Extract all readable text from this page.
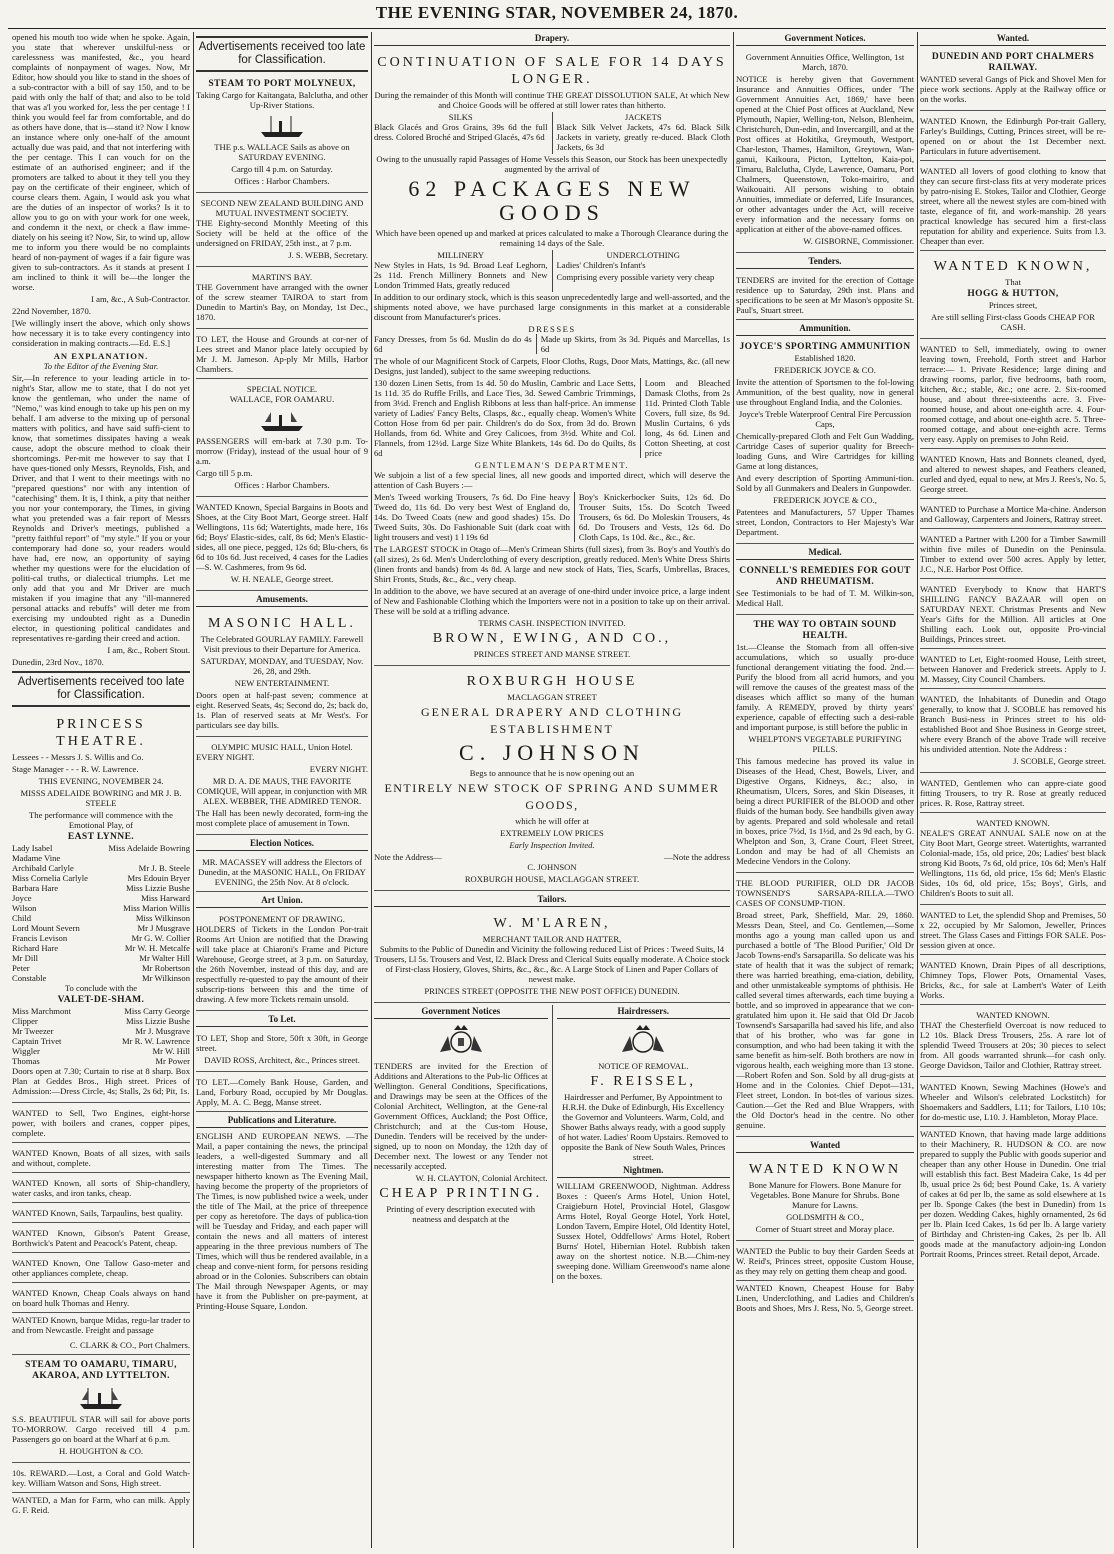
THE EVENING STAR, NOVEMBER 24, 1870.

opened his mouth too wide when he spoke. Again, you state that wherever unskilful-ness or carelessness was manifested, &c., you heard complaints of nonpayment of wages. Now, Mr Editor, how should you like to stand in the shoes of a sub-contractor with a bill of say 150, and to be paid with only the half of that; and also to be told that was a'l you worked for, less the per centage ! I think you would feel far from comfortable, and do as others have done, that is—stand it? Now I know an instance where only one-half of the amount actually due was paid, and that not interfering with the per centage. This I can vouch for on the estimate of an authorised engineer; and if the promoters are talked to about it they tell you they pay on the certificate of their engineer, which of course clears them. Again, I would ask you what are the duties of an inspector of works? Is it to allow you to go on with your work for one week, and condemn it the next, or check a flaw imme-diately on his seeing it? Now, Sir, to wind up, allow me to inform you there would be no complaints heard of non-payment of wages if a fair figure was given to sub-contractors. As it stands at present I am inclined to think it will be—the longer the worse.

I am, &c., A Sub-Contractor.

22nd November, 1870.

[We willingly insert the above, which only shows how necessary it is to take every contingency into consideration in making contracts.—Ed. E.S.]

AN EXPLANATION.

To the Editor of the Evening Star.

Sir,—In reference to your leading article in to-night's Star, allow me to state, that I do not yet know the gentleman, who under the name of "Nemo," was kind enough to take up his pen on my behalf. I am adverse to the mixing up of personal matters with politics, and have said suffi-cient to know, that sometimes dissipates having a weak cause, adopt the obscure method to cloak their shortcomings. Per-mit me however to say that I have ques-tioned only Messrs, Reynolds, Fish, and Driver, and that I went to their meetings with no "prepared questions" nor with any intention of "catechising" them. It is, I think, a pity that neither you nor your contemporary, the Times, in giving what you pretended was a fair report of Messrs Reynolds and Driver's meetings, published a "pretty faithful report" of "my style." If you or your contemporary had done so, your readers would have had, ere now, an opportunity of saying whether my questions were for the elucidation of politi-cal truths, or dialectical triumphs. Let me only add that you and Mr Driver are much mistaken if you imagine that any "ill-mannered personal attacks and rebuffs" will deter me from exercising my undoubted right as a Dunedin elector, in questioning political candidates and representatives re-garding their creed and action.

I am, &c., Robert Stout.

Dunedin, 23rd Nov., 1870.

Advertisements received too late for Classification.
PRINCESS THEATRE.

Lessees - - Messrs J. S. Willis and Co.

Stage Manager - - - R. W. Lawrence.

THIS EVENING, NOVEMBER 24.

MISSS ADELAIDE BOWRING and MR J. B. STEELE

The performance will commence with the Emotional Play, of

EAST LYNNE.
Lady Isabel	Miss Adelaide Bowring
Madame Vine
Archibald Carlyle	Mr J. B. Steele
Miss Cornelia Carlyle	Mrs Edouin Bryer
Barbara Hare	Miss Lizzie Bushe
Joyce	Miss Harward
Wilson	Miss Marion Willis
Child	Miss Wilkinson
Lord Mount Severn	Mr J Musgrave
Francis Levison	Mr G. W. Collier
Richard Hare	Mr W. H. Metcalfe
Mr Dill	Mr Walter Hill
Peter	Mr Robertson
Constable	Mr Wilkinson

To conclude with the

VALET-DE-SHAM.
Miss Marchmont	Miss Carry George
Clipper	Miss Lizzie Bushe
Mr Tweezer	Mr J. Musgrave
Captain Trivet	Mr R. W. Lawrence
Wiggler	Mr W. Hill
Thomas	Mr Power

Doors open at 7.30; Curtain to rise at 8 sharp. Box Plan at Geddes Bros., High street. Prices of Admission:—Dress Circle, 4s; Stalls, 2s 6d; Pit, 1s.

WANTED to Sell, Two Engines, eight-horse power, with boilers and cranes, copper pipes, complete.

WANTED Known, Boats of all sizes, with sails and without, complete.

WANTED Known, all sorts of Ship-chandlery, water casks, and iron tanks, cheap.

WANTED Known, Sails, Tarpaulins, best quality.

WANTED Known, Gibson's Patent Grease, Borthwick's Patent and Peacock's Patent, cheap.

WANTED Known, One Tallow Gaso-meter and other appliances complete, cheap.

WANTED Known, Cheap Coals always on hand on board hulk Thomas and Henry.

WANTED Known, barque Midas, regu-lar trader to and from Newcastle. Freight and passage

C. CLARK & CO., Port Chalmers.

STEAM TO OAMARU, TIMARU, AKAROA, AND LYTTELTON.

S.S. BEAUTIFUL STAR will sail for above ports TO-MORROW. Cargo received till 4 p.m. Passengers go on board at the Wharf at 6 p.m.

H. HOUGHTON & CO.

10s. REWARD.—Lost, a Coral and Gold Watch-key. William Watson and Sons, High street.

WANTED, a Man for Farm, who can milk. Apply G. F. Reid.

Advertisements received too late for Classification.
STEAM TO PORT MOLYNEUX,

Taking Cargo for Kaitangata, Balclutha, and other Up-River Stations.

THE p.s. WALLACE Sails as above on SATURDAY EVENING.

Cargo till 4 p.m. on Saturday.

Offices : Harbor Chambers.

SECOND NEW ZEALAND BUILDING AND MUTUAL INVESTMENT SOCIETY.

THE Eighty-second Monthly Meeting of this Society will be held at the office of the undersigned on FRIDAY, 25th inst., at 7 p.m.

J. S. WEBB, Secretary.

MARTIN'S BAY.

THE Government have arranged with the owner of the screw steamer TAIROA to start from Dunedin to Martin's Bay, on Monday, 1st Dec., 1870.

TO LET, the House and Grounds at cor-ner of Lees street and Manor place lately occupied by Mr J. M. Jameson. Ap-ply Mr Mills, Harbor Chambers.

SPECIAL NOTICE.
WALLACE, FOR OAMARU.

PASSENGERS will em-bark at 7.30 p.m. To-morrow (Friday), instead of the usual hour of 9 a.m.

Cargo till 5 p.m.

Offices : Harbor Chambers.

WANTED Known, Special Bargains in Boots and Shoes, at the City Boot Mart, George street. Half Wellingtons, 11s 6d; Watertights, made here, 16s 6d; Boys' Elastic-sides, calf, 8s 6d; Men's Elastic-sides, all one piece, pegged, 12s 6d; Blu-chers, 6s 6d to 10s 6d. Just received, 4 cases for the Ladies—S. W. Cashmeres, from 9s 6d.

W. H. NEALE, George street.

Amusements.
MASONIC HALL.

The Celebrated GOURLAY FAMILY. Farewell Visit previous to their Departure for America.

SATURDAY, MONDAY, and TUESDAY, Nov. 26, 28, and 29th.

NEW ENTERTAINMENT.

Doors open at half-past seven; commence at eight. Reserved Seats, 4s; Second do, 2s; back do, 1s. Plan of reserved seats at Mr West's. For particulars see day bills.

OLYMPIC MUSIC HALL, Union Hotel.

EVERY NIGHT.

EVERY NIGHT.

MR D. A. DE MAUS, THE FAVORITE COMIQUE, Will appear, in conjunction with MR ALEX. WEBBER, THE ADMIRED TENOR.

The Hall has been newly decorated, form-ing the most complete place of amusement in Town.

Election Notices.

MR. MACASSEY will address the Electors of Dunedin, at the MASONIC HALL, On FRIDAY EVENING, the 25th Nov. At 8 o'clock.

Art Union.
POSTPONEMENT OF DRAWING.

HOLDERS of Tickets in the London Por-trait Rooms Art Union are notified that the Drawing will take place at Chiaroni's Frame and Picture Warehouse, George street, at 3 p.m. on Saturday, the 26th November, instead of this day, and are respectfully re-quested to pay the amount of their subscrip-tions between this and the time of drawing. A few more Tickets remain unsold.

To Let.

TO LET, Shop and Store, 50ft x 30ft, in George street.

DAVID ROSS, Architect, &c., Princes street.

TO LET.—Comely Bank House, Garden, and Land, Forbury Road, occupied by Mr Douglas. Apply, M. A. C. Begg, Manse street.

Publications and Literature.

ENGLISH AND EUROPEAN NEWS. —The Mail, a paper containing the news, the principal leaders, a well-digested Summary and all interesting matter from The Times. The newspaper hitherto known as The Evening Mail, having become the property of the proprietors of The Times, is now published twice a week, under the title of The Mail, at the price of threepence per copy as heretofore. The days of publica-tion will be Tuesday and Friday, and each paper will contain the news and all matters of interest appearing in the three previous numbers of The Times, which will thus be rendered available, in a cheap and conve-nient form, for persons residing abroad or in the Colonies. Subscribers can obtain The Mail through Newspaper Agents, or may have it from the Publisher on pre-payment, at Printing-House Square, London.

Drapery.
CONTINUATION OF SALE FOR 14 DAYS LONGER.

During the remainder of this Month will continue THE GREAT DISSOLUTION SALE, At which New and Choice Goods will be offered at still lower rates than hitherto.

SILKS

Black Glacés and Gros Grains, 39s 6d the full dress. Colored Broché and Striped Glacés, 47s 6d

JACKETS

Black Silk Velvet Jackets, 47s 6d. Black Silk Jackets in variety, greatly re-duced. Black Cloth Jackets, 6s 3d

Owing to the unusually rapid Passages of Home Vessels this Season, our Stock has been unexpectedly augmented by the arrival of

62 PACKAGES NEW GOODS

Which have been opened up and marked at prices calculated to make a Thorough Clearance during the remaining 14 days of the Sale.

MILLINERY

New Styles in Hats, 1s 9d. Broad Leaf Leghorn, 2s 11d. French Millinery Bonnets and New London Trimmed Hats, greatly reduced

UNDERCLOTHING

Ladies' Children's Infant's

Comprising every possible variety very cheap

In addition to our ordinary stock, which is this season unprecedentedly large and well-assorted, and the shipments noted above, we have purchased large consignments in this market at a considerable discount from Manufacturer's prices.

DRESSES

Fancy Dresses, from 5s 6d. Muslin do do 4s 6d

Made up Skirts, from 3s 3d. Piqués and Marcellas, 1s 6d

The whole of our Magnificent Stock of Carpets, Floor Cloths, Rugs, Door Mats, Mattings, &c. (all new Designs, just landed), subject to the same sweeping reductions.

130 dozen Linen Setts, from 1s 4d. 50 do Muslin, Cambric and Lace Setts, 1s 11d. 35 do Ruffle Frills, and Lace Ties, 3d. Sewed Cambric Trimmings, from 3½d. French and English Ribbons at less than half-price. An immense variety of Ladies' Fancy Belts, Clasps, &c., equally cheap. Women's White Cotton Hose from 6d per pair. Children's do do Sox, from 3d do. Brown Hollands, from 6d. White and Grey Calicoes, from 3½d. White and Col. Flannels, from 12½d. Large Size White Blankets, 14s 6d. Do do Quilts, 8s 6d

Loom and Bleached Damask Cloths, from 2s 11d. Printed Cloth Table Covers, full size, 8s 9d. Muslin Curtains, 6 yds long, 4s 6d. Linen and Cotton Sheeting, at cost price

GENTLEMAN'S DEPARTMENT.

We subjoin a list of a few special lines, all new goods and imported direct, which will deserve the attention of Cash Buyers :—

Men's Tweed working Trousers, 7s 6d. Do Fine heavy Tweed do, 11s 6d. Do very best West of England do, 14s. Do Tweed Coats (new and good shades) 15s. Do Tweed Suits, 30s. Do Fashionable Suit (dark coat with light trousers and vest) 1 l 19s 6d

Boy's Knickerbocker Suits, 12s 6d. Do Trouser Suits, 15s. Do Scotch Tweed Trousers, 6s 6d. Do Moleskin Trousers, 4s 6d. Do Trousers and Vests, 12s 6d. Do Cloth Caps, 1s 10d. &c., &c., &c.

The LARGEST STOCK in Otago of—Men's Crimean Shirts (full sizes), from 3s. Boy's and Youth's do (all sizes), 2s 6d. Men's Underclothing of every description, greatly reduced. Men's White Dress Shirts (linen fronts and bands) from 4s 8d. A large and new stock of Hats, Ties, Scarfs, Umbrellas, Braces, Shirt Fronts, Studs, &c., &c., very cheap.

In addition to the above, we have secured at an average of one-third under invoice price, a large indent of New and Fashionable Clothing which the Importers were not in a position to take up on their arrival. These will be sold at a trifling advance.

TERMS CASH. INSPECTION INVITED.

BROWN, EWING, AND CO.,

PRINCES STREET AND MANSE STREET.

ROXBURGH HOUSE

MACLAGGAN STREET

GENERAL DRAPERY AND CLOTHING ESTABLISHMENT
C. JOHNSON

Begs to announce that he is now opening out an

ENTIRELY NEW STOCK OF SPRING AND SUMMER GOODS,

which he will offer at

EXTREMELY LOW PRICES

Early Inspection Invited.

Note the Address—	—Note the address

C. JOHNSON

ROXBURGH HOUSE, MACLAGGAN STREET.

Tailors.
W. M'LAREN,
MERCHANT TAILOR AND HATTER,

Submits to the Public of Dunedin and Vicinity the following reduced List of Prices : Tweed Suits, l4 Trousers, Ll 5s. Trousers and Vest, l2. Black Dress and Clerical Suits equally moderate. A Choice stock of First-class Hosiery, Gloves, Shirts, &c., &c., &c. A Large Stock of Linen and Paper Collars of newest make.

PRINCES STREET (OPPOSITE THE NEW POST OFFICE) DUNEDIN.

Government Notices

TENDERS are invited for the Erection of Additions and Alterations to the Pub-lic Offices at Wellington. General Conditions, Specifications, and Drawings may be seen at the Offices of the Colonial Architect, Wellington, at the Gene-ral Government Offices, Auckland; the Post Office, Christchurch; and at the Cus-tom House, Dunedin. Tenders will be received by the under-signed, up to noon on Monday, the 12th day of December next. The lowest or any Tender not necessarily accepted.

W. H. CLAYTON, Colonial Architect.

CHEAP PRINTING.

Printing of every description executed with neatness and despatch at the

Hairdressers.
NOTICE OF REMOVAL.
F. REISSEL,

Hairdresser and Perfumer, By Appointment to H.R.H. the Duke of Edinburgh, His Excellency the Governor and Volunteers. Warm, Cold, and Shower Baths always ready, with a good supply of hot water. Ladies' Room Upstairs. Removed to opposite the Bank of New South Wales, Princes street.

Nightmen.

WILLIAM GREENWOOD, Nightman. Address Boxes : Queen's Arms Hotel, Union Hotel, Craigieburn Hotel, Provincial Hotel, Glasgow Arms Hotel, Royal George Hotel, York Hotel, London Tavern, Empire Hotel, Old Identity Hotel, Sussex Hotel, Oddfellows' Arms Hotel, Robert Burns' Hotel, Hibernian Hotel. Rubbish taken away on the shortest notice. N.B.—Chim-ney sweeping done. William Greenwood's name alone on the boxes.

Government Notices.

Government Annuities Office, Wellington, 1st March, 1870.

NOTICE is hereby given that Government Insurance and Annuities Offices, under 'The Government Annuities Act, 1869,' have been opened at the Chief Post offices at Auckland, New Plymouth, Napier, Welling-ton, Nelson, Blenheim, Christchurch, Dun-edin, and Invercargill, and at the Post offices at Hokitika, Greymouth, Westport, Char-leston, Thames, Hamilton, Greytown, Wan-ganui, Kaikoura, Picton, Lyttelton, Kaia-poi, Timaru, Balclutha, Clyde, Lawrence, Oamaru, Port Chalmers, Queenstown, Toko-mairiro, and Waikouaiti. All persons wishing to obtain Annuities, immediate or deferred, Life Insurances, or other advantages under the Act, will receive every information and the necessary forms on application at either of the above-named offices.

W. GISBORNE, Commissioner.

Tenders.

TENDERS are invited for the erection of Cottage residence up to Saturday, 29th inst. Plans and specifications to be seen at Mr Mason's opposite St. Paul's, Stuart street.

Ammunition.
JOYCE'S SPORTING AMMUNITION

Established 1820.

FREDERICK JOYCE & CO.

Invite the attention of Sportsmen to the fol-lowing Ammunition, of the best quality, now in general use throughout England India, and the Colonies.

Joyce's Treble Waterproof Central Fire Percussion Caps,

Chemically-prepared Cloth and Felt Gun Wadding, Cartridge Cases of superior quality for Breech-loading Guns, and Wire Cartridges for killing Game at long distances,

And every description of Sporting Ammuni-tion. Sold by all Gunmakers and Dealers in Gunpowder.

FREDERICK JOYCE & CO.,

Patentees and Manufacturers, 57 Upper Thames street, London, Contractors to Her Majesty's War Department.

Medical.
CONNELL'S REMEDIES FOR GOUT AND RHEUMATISM.

See Testimonials to be had of T. M. Wilkin-son, Medical Hall.

THE WAY TO OBTAIN SOUND HEALTH.

1st.—Cleanse the Stomach from all offen-sive accumulations, which so usually pro-duce functional derangement vitiating the food. 2nd.—Purify the blood from all acrid humors, and you will remove the causes of the greatest mass of the diseases which afflict so many of the human family. A REMEDY, proved by thirty years' experience, capable of effecting such a desi-rable and important purpose, is still before the public in

WHELPTON'S VEGETABLE PURIFYING PILLS.

This famous medecine has proved its value in Diseases of the Head, Chest, Bowels, Liver, and Digestive Organs, Kidneys, &c.; also, in Rheumatism, Ulcers, Sores, and Skin Diseases, it being a direct PURIFIER of the BLOOD and other fluids of the human body. See handbills given away by agents. Prepared and sold wholesale and retail in boxes, price 7½d, 1s 1½d, and 2s 9d each, by G. Whelpton and Son, 3, Crane Court, Fleet Street, London and may be had of all Chemists an Medecine Vendors in the Colony.

THE BLOOD PURIFIER, OLD DR JACOB TOWNSEND'S SARSAPA-RILLA.—TWO CASES OF CONSUMP-TION.

Broad street, Park, Sheffield, Mar. 29, 1860. Messrs Dean, Steel, and Co. Gentlemen,—Some months ago a young man called upon us and purchased a bottle of 'The Blood Purifier,' Old Dr Jacob Towns-end's Sarsaparilla. So delicate was his state of health that it was the subject of remark; there was harried breathing, ema-ciation, debility, and other unmistakeable symptoms of phthisis. He called several times afterwards, each time buying a bottle, and so improved in appearance that we con-gratulated him upon it. He said that Old Dr Jacob Townsend's Sarsaparilla had saved his life, and also that of his brother, who was far gone in consumption, and who had been taking it with the same benefit as him-self. Both brothers are now in vigorous health, each weighing more than 13 stone.—Robert Rofen and Son. Sold by all drug-gists at Home and in the Colonies. Chief Depot—131, Fleet street, London. In bot-tles of various sizes. Caution.—Get the Red and Blue Wrappers, with the Old Doctor's head in the centre. No other genuine.

Wanted
WANTED KNOWN

Bone Manure for Flowers. Bone Manure for Vegetables. Bone Manure for Shrubs. Bone Manure for Lawns.

GOLDSMITH & CO.,

Corner of Stuart street and Moray place.

WANTED the Public to buy their Garden Seeds at W. Reid's, Princes street, opposite Custom House, as they may rely on getting them cheap and good.

WANTED Known, Cheapest House for Baby Linen, Underclothing, and Ladies and Children's Boots and Shoes, Mrs J. Ress, No. 5, George street.

Wanted.
DUNEDIN AND PORT CHALMERS RAILWAY.

WANTED several Gangs of Pick and Shovel Men for piece work sections. Apply at the Railway office or on the works.

WANTED Known, the Edinburgh Por-trait Gallery, Farley's Buildings, Cutting, Princes street, will be re-opened on or about the 1st December next. Particulars in future advertisement.

WANTED all lovers of good clothing to know that they can secure first-class fits at very moderate prices by patro-nising E. Stokes, Tailor and Clothier, George street, where all the newest styles are com-bined with taste, elegance of fit, and work-manship. 28 years practical knowledge has secured him a first-class reputation for ability and experience. Suits from l.3. Cheaper than ever.

WANTED KNOWN,

That

HOGG & HUTTON,

Princes street,

Are still selling First-class Goods CHEAP FOR CASH.

WANTED to Sell, immediately, owing to owner leaving town, Freehold, Forth street and Harbor terrace:— 1. Private Residence; large dining and drawing rooms, parlor, five bedrooms, bath room, kitchen, &c.; stable, &c.; one acre. 2. Six-roomed house, and about three-sixteenths acre. 3. Five-roomed house, and about one-eighth acre. 4. Four-roomed cottage, and about one-eighth acre. 5. Three-roomed cottage, and about one-eighth acre. Terms very easy. Apply on premises to John Reid.

WANTED Known, Hats and Bonnets cleaned, dyed, and altered to newest shapes, and Feathers cleaned, curled and dyed, equal to new, at Mrs J. Rees's, No. 5, George street.

WANTED to Purchase a Mortice Ma-chine. Anderson and Galloway, Carpenters and Joiners, Rattray street.

WANTED a Partner with L200 for a Timber Sawmill within five miles of Dunedin on the Peninsula. Timber to extend over 500 acres. Apply by letter, J.C., N.E. Harbor Post Office.

WANTED Everybody to Know that HART'S SHILLING FANCY BAZAAR will open on SATURDAY NEXT. Christmas Presents and New Year's Gifts for the Million. All articles at One Shilling each. Look out, opposite Pro-vincial Buildings, Princes street.

WANTED to Let, Eight-roomed House, Leith street, between Hanover and Frederick streets. Apply to J. M. Massey, City Council Chambers.

WANTED, the Inhabitants of Dunedin and Otago generally, to know that J. SCOBLE has removed his Branch Busi-ness in Princes street to his old-established Boot and Shoe Business in George street, where every Branch of the above Trade will receive his undivided attention. Note the Address :

J. SCOBLE, George street.

WANTED, Gentlemen who can appre-ciate good fitting Trousers, to try R. Rose at greatly reduced prices. R. Rose, Rattray street.

WANTED KNOWN.

NEALE'S GREAT ANNUAL SALE now on at the City Boot Mart, George street. Watertights, warranted Colonial-made, 15s, old price, 20s; Ladies' best black strong Kid Boots, 7s 6d, old price, 10s 6d; Men's Half Wellingtons, 11s 6d, old price, 15s 6d; Men's Elastic Sides, 10s 6d, old price, 15s; Boys', Girls, and Children's Boots to suit all.

WANTED to Let, the splendid Shop and Premises, 50 x 22, occupied by Mr Salomon, Jeweller, Princes street. The Glass Cases and Fittings FOR SALE. Pos-session given at once.

WANTED Known, Drain Pipes of all descriptions, Chimney Tops, Flower Pots, Ornamental Vases, Bricks, &c., for sale at Lambert's Water of Leith Works.

WANTED KNOWN.

THAT the Chesterfield Overcoat is now reduced to L2 10s. Black Dress Trousers, 25s. A rare lot of splendid Tweed Trousers at 20s; 30 pieces to select from. All goods warranted shrunk—for cash only. George Davidson, Tailor and Clothier, Rattray street.

WANTED Known, Sewing Machines (Howe's and Wheeler and Wilson's celebrated Lockstitch) for Shoemakers and Saddlers, L11; for Tailors, L10 10s; for do-mestic use, L10. J. Hambleton, Moray Place.

WANTED Known, that having made large additions to their Machinery, R. HUDSON & CO. are now prepared to supply the Public with goods superior and cheaper than any other House in Dunedin. One trial will establish this fact. Best Madeira Cake, 1s 4d per lb, usual price 2s 6d; best Pound Cake, 1s. A variety of cakes at 6d per lb, the same as sold elsewhere at 1s per lb. Sponge Cakes (the best in Dunedin) from 1s per dozen. Wedding Cakes, highly ornamented, 2s 6d per lb. Plain Iced Cakes, 1s 6d per lb. A large variety of Birthday and Christen-ing Cakes, 2s per lb. All goods made at the manufactory adjoin-ing London Portrait Rooms, Princes street. Retail depot, Arcade.
